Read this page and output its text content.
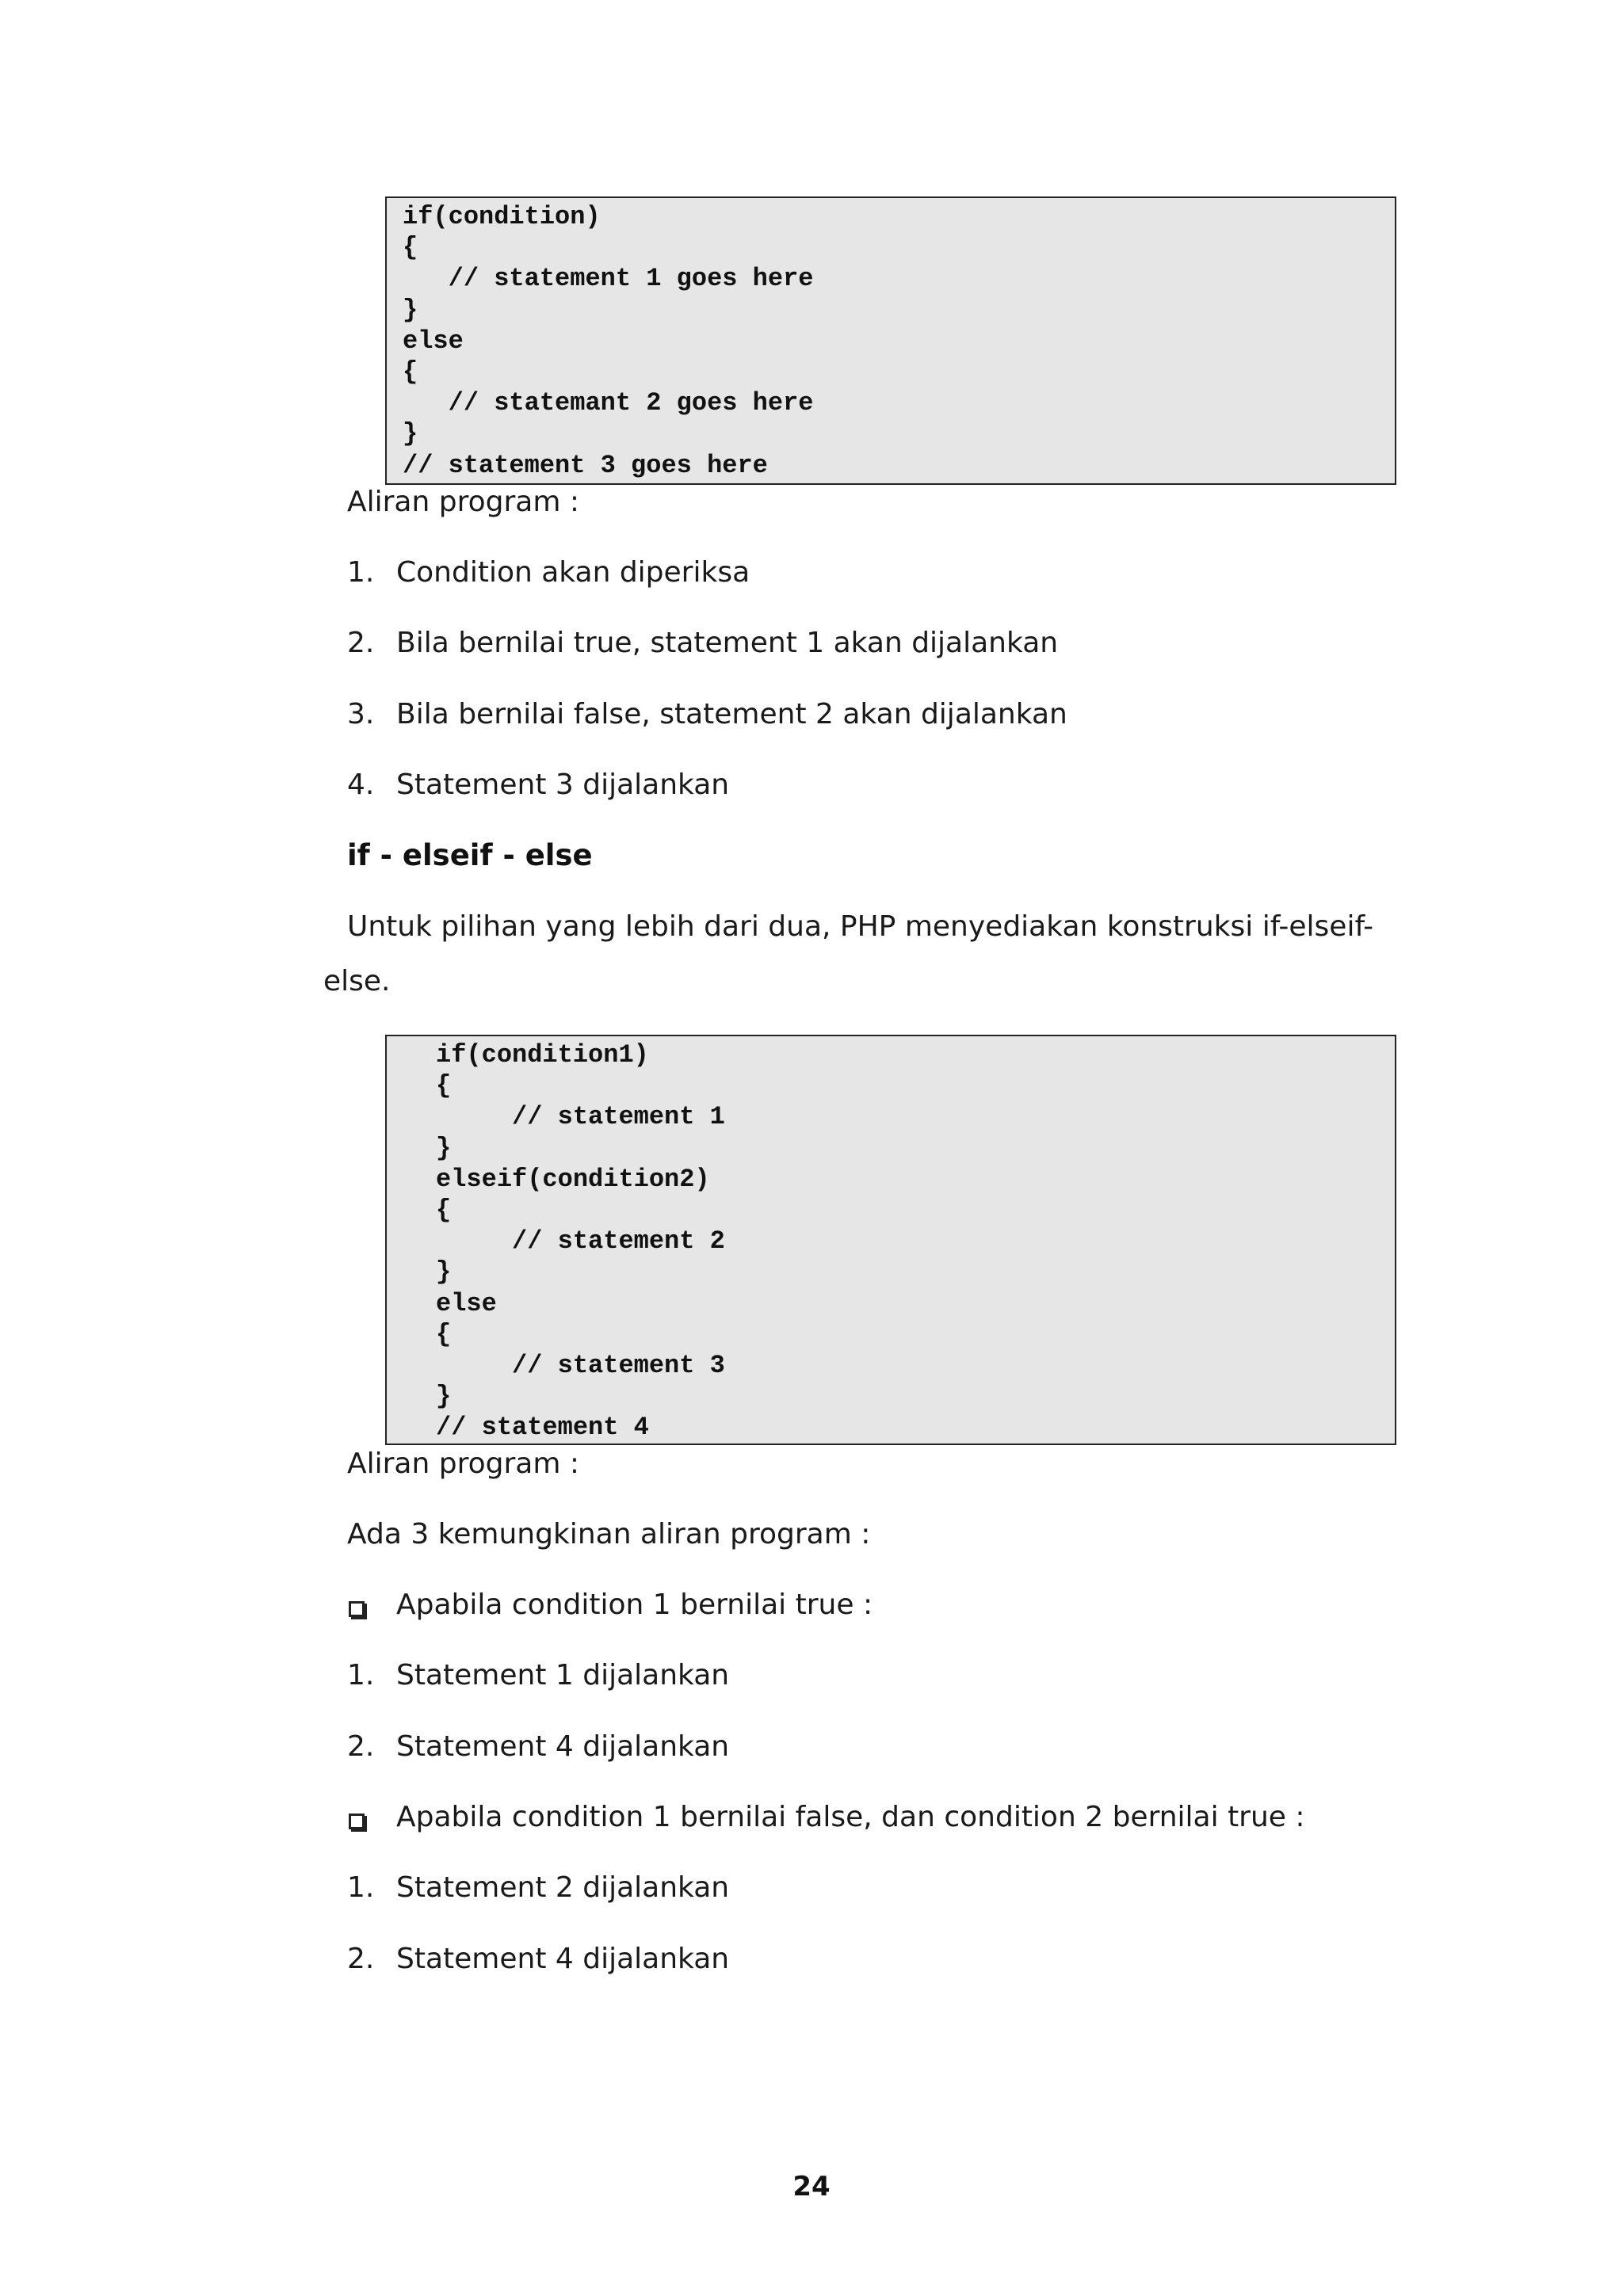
if(condition)
{
// statement 1 goes here
}
else
{
// statemant 2 goes here
}
// statement 3 goes here
Aliran program :
1. Condition akan diperiksa
2. Bila bernilai true, statement 1 akan dijalankan
3. Bila bernilai false, statement 2 akan dijalankan
4. Statement 3 dijalankan
if - elseif - else
Untuk pilihan yang lebih dari dua, PHP menyediakan konstruksi if-elseif-
else.
if(condition1)
{
// statement 1
}
elseif(condition2)
{
// statement 2
}
else
{
// statement 3
}
// statement 4
Aliran program :
Ada 3 kemungkinan aliran program :
Apabila condition 1 bernilai true :
1. Statement 1 dijalankan
2. Statement 4 dijalankan
Apabila condition 1 bernilai false, dan condition 2 bernilai true :
1. Statement 2 dijalankan
2. Statement 4 dijalankan
24
